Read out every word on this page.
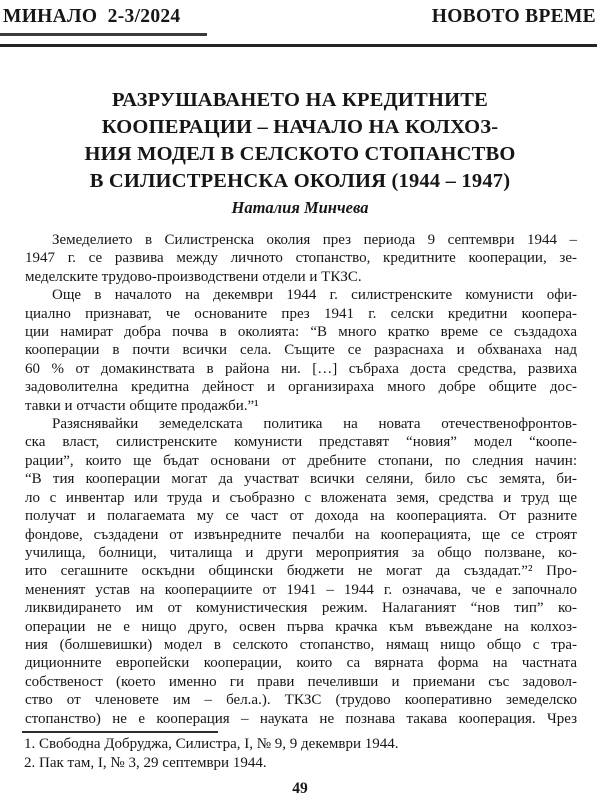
МИНАЛО  2-3/2024	НОВОТО ВРЕМЕ
РАЗРУШАВАНЕТО НА КРЕДИТНИТЕ
КООПЕРАЦИИ – НАЧАЛО НА КОЛХОЗ-
НИЯ МОДЕЛ В СЕЛСКОТО СТОПАНСТВО
В СИЛИСТРЕНСКА ОКОЛИЯ (1944 – 1947)
Наталия Минчева
Земеделието в Силистренска околия през периода 9 септември 1944 –
1947 г. се развива между личното стопанство, кредитните кооперации, зе-
меделските трудово-производствени отдели и ТКЗС.
Още в началото на декември 1944 г. силистренските комунисти офи-
циално признават, че основаните през 1941 г. селски кредитни коопера-
ции намират добра почва в околията: “В много кратко време се създадоха
кооперации в почти всички села. Същите се разраснаха и обхванаха над
60 % от домакинствата в района ни. […] събраха доста средства, развиха
задоволителна кредитна дейност и организираха много добре общите дос-
тавки и отчасти общите продажби.”¹
Разяснявайки земеделската политика на новата отечественофронтов-
ска власт, силистренските комунисти представят “новия” модел “коопе-
рации”, които ще бъдат основани от дребните стопани, по следния начин:
“В тия кооперации могат да участват всички селяни, било със земята, би-
ло с инвентар или труда и съобразно с вложената земя, средства и труд ще
получат и полагаемата му се част от дохода на кооперацията. От разните
фондове, създадени от извънредните печалби на кооперацията, ще се строят
училища, болници, читалища и други мероприятия за общо ползване, ко-
ито сегашните оскъдни общински бюджети не могат да създадат.”² Про-
мененият устав на кооперациите от 1941 – 1944 г. означава, че е започнало
ликвидирането им от комунистическия режим. Налаганият “нов тип” ко-
операции не е нищо друго, освен първа крачка към въвеждане на колхоз-
ния (болшевишки) модел в селското стопанство, нямащ нищо общо с тра-
диционните европейски кооперации, които са вярната форма на частната
собственост (което именно ги прави печеливши и приемани със задовол-
ство от членовете им – бел.а.). ТКЗС (трудово кооперативно земеделско
стопанство) не е кооперация – науката не познава такава кооперация. Чрез
1. Свободна Добруджа, Силистра, I, № 9, 9 декември 1944.
2. Пак там, I, № 3, 29 септември 1944.
49
